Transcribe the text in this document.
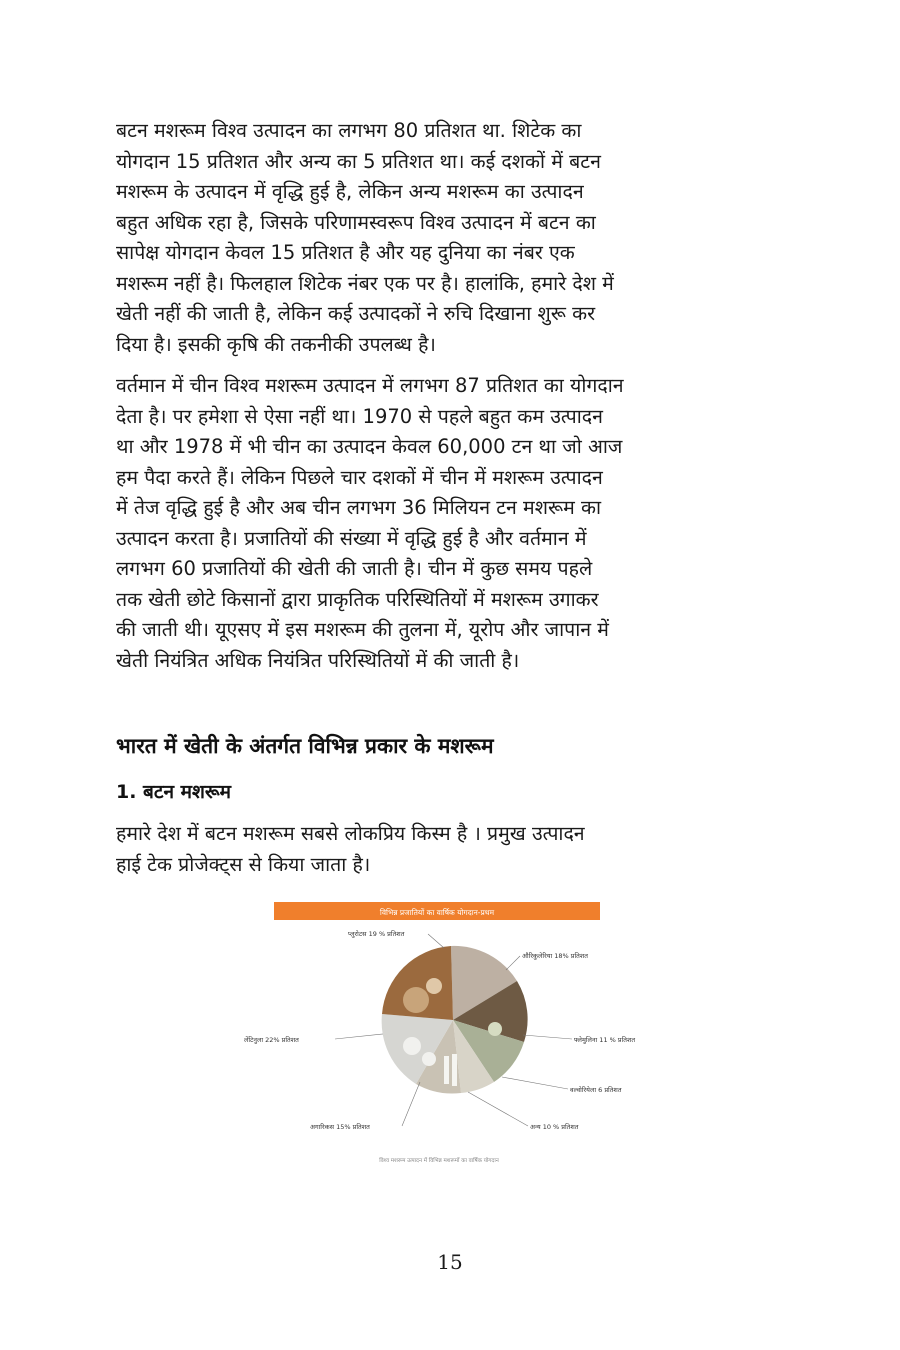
बटन मशरूम विश्व उत्पादन का लगभग 80 प्रतिशत था. शिटेक का
योगदान 15 प्रतिशत और अन्य का 5 प्रतिशत था। कई दशकों में बटन
मशरूम के उत्पादन में वृद्धि हुई है, लेकिन अन्य मशरूम का उत्पादन
बहुत अधिक रहा है, जिसके परिणामस्वरूप विश्व उत्पादन में बटन का
सापेक्ष योगदान केवल 15 प्रतिशत है और यह दुनिया का नंबर एक
मशरूम नहीं है। फिलहाल शिटेक नंबर एक पर है। हालांकि, हमारे देश में
खेती नहीं की जाती है, लेकिन कई उत्पादकों ने रुचि दिखाना शुरू कर
दिया है। इसकी कृषि की तकनीकी उपलब्ध है।

वर्तमान में चीन विश्व मशरूम उत्पादन में लगभग 87 प्रतिशत का योगदान
देता है। पर हमेशा से ऐसा नहीं था। 1970 से पहले बहुत कम उत्पादन
था और 1978 में भी चीन का उत्पादन केवल 60,000 टन था जो आज
हम पैदा करते हैं। लेकिन पिछले चार दशकों में चीन में मशरूम उत्पादन
में तेज वृद्धि हुई है और अब चीन लगभग 36 मिलियन टन मशरूम का
उत्पादन करता है। प्रजातियों की संख्या में वृद्धि हुई है और वर्तमान में
लगभग 60 प्रजातियों की खेती की जाती है। चीन में कुछ समय पहले
तक खेती छोटे किसानों द्वारा प्राकृतिक परिस्थितियों में मशरूम उगाकर
की जाती थी। यूएसए में इस मशरूम की तुलना में, यूरोप और जापान में
खेती नियंत्रित अधिक नियंत्रित परिस्थितियों में की जाती है।

भारत में खेती के अंतर्गत विभिन्न प्रकार के मशरूम
1. बटन मशरूम

हमारे देश में बटन मशरूम सबसे लोकप्रिय किस्म है । प्रमुख उत्पादन
हाई टेक प्रोजेक्ट्स से किया जाता है।

विभिन्न प्रजातियों का वार्षिक योगदान-प्रथम
प्लुरोटस 19 % प्रतिशत
औरिकुलेरिया 18% प्रतिशत
फ्लेमुलिना 11 % प्रतिशत
वल्वोरियेला 6 प्रतिशत
अन्य 10 % प्रतिशत
अगारिकस 15% प्रतिशत
लेंटिनुला 22% प्रतिशत
विश्व मशरूम उत्पादन में विभिन्न मशरूमों का वार्षिक योगदान
15
